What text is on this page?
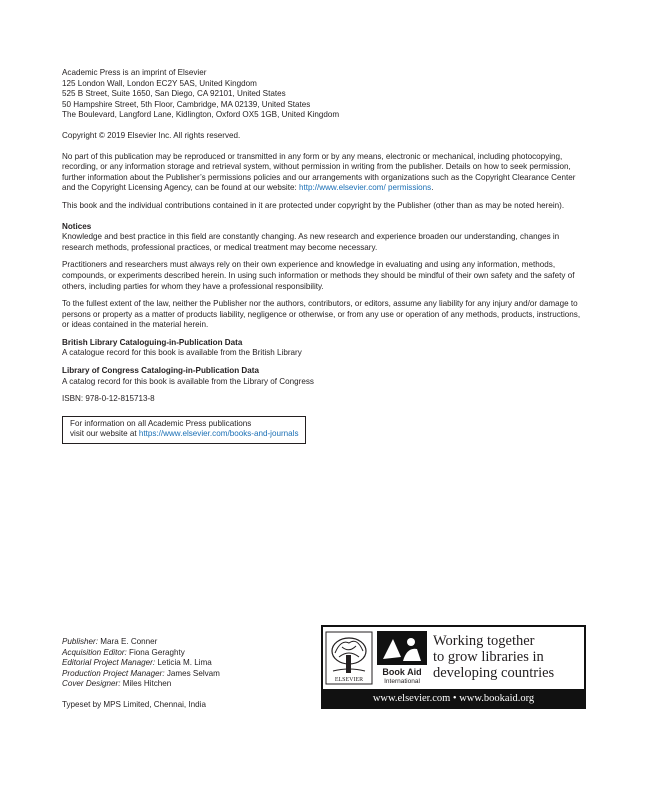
Academic Press is an imprint of Elsevier

125 London Wall, London EC2Y 5AS, United Kingdom

525 B Street, Suite 1650, San Diego, CA 92101, United States

50 Hampshire Street, 5th Floor, Cambridge, MA 02139, United States

The Boulevard, Langford Lane, Kidlington, Oxford OX5 1GB, United Kingdom

Copyright © 2019 Elsevier Inc. All rights reserved.

No part of this publication may be reproduced or transmitted in any form or by any means, electronic or mechanical, including photocopying, recording, or any information storage and retrieval system, without permission in writing from the publisher. Details on how to seek permission, further information about the Publisher’s permissions policies and our arrangements with organizations such as the Copyright Clearance Center and the Copyright Licensing Agency, can be found at our website: http://www.elsevier.com/ permissions.

This book and the individual contributions contained in it are protected under copyright by the Publisher (other than as may be noted herein).

Notices

Knowledge and best practice in this field are constantly changing. As new research and experience broaden our understanding, changes in research methods, professional practices, or medical treatment may become necessary.

Practitioners and researchers must always rely on their own experience and knowledge in evaluating and using any information, methods, compounds, or experiments described herein. In using such information or methods they should be mindful of their own safety and the safety of others, including parties for whom they have a professional responsibility.

To the fullest extent of the law, neither the Publisher nor the authors, contributors, or editors, assume any liability for any injury and/or damage to persons or property as a matter of products liability, negligence or otherwise, or from any use or operation of any methods, products, instructions, or ideas contained in the material herein.

British Library Cataloguing-in-Publication Data

A catalogue record for this book is available from the British Library

Library of Congress Cataloging-in-Publication Data

A catalog record for this book is available from the Library of Congress

ISBN: 978-0-12-815713-8

For information on all Academic Press publications

visit our website at https://www.elsevier.com/books-and-journals

Publisher: Mara E. Conner

Acquisition Editor: Fiona Geraghty

Editorial Project Manager: Leticia M. Lima

Production Project Manager: James Selvam

Cover Designer: Miles Hitchen

Typeset by MPS Limited, Chennai, India

ELSEVIER
Book Aid
International
Working together
to grow libraries in
developing countries
www.elsevier.com • www.bookaid.org
